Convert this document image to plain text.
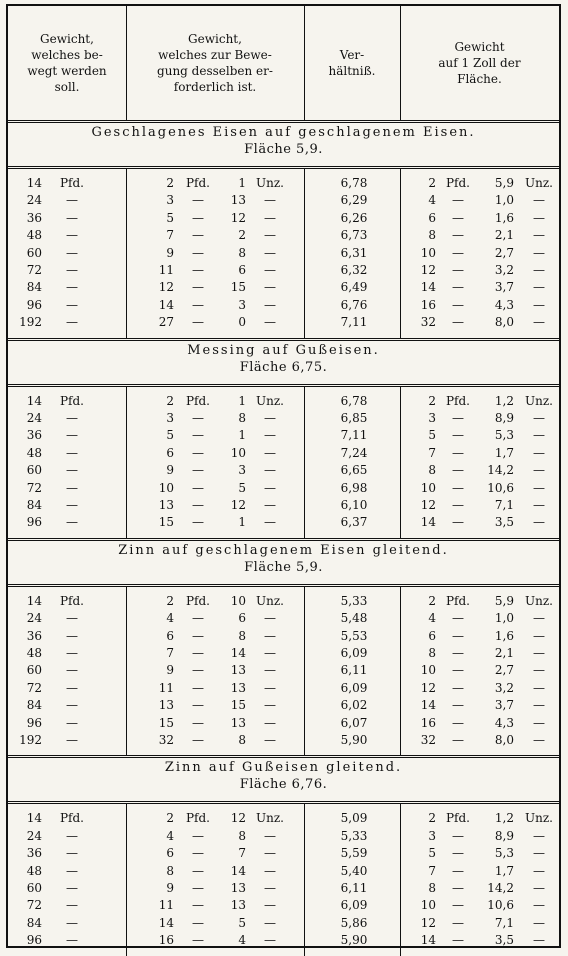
Gewicht,
welches be-
wegt werden
soll.
Gewicht,
welches zur Bewe-
gung desselben er-
forderlich ist.
Ver-
hältniß.
Gewicht
auf 1 Zoll der
Fläche.
Geschlagenes Eisen auf geschlagenem Eisen.
Fläche 5,9.
14	Pfd.	2 Pfd.	1 Unz.	6,78	2 Pfd.	5,9 Unz.
24	—	3	—	13	—	6,29	4	—	1,0	—
36	—	5	—	12	—	6,26	6	—	1,6	—
48	—	7	—	2	—	6,73	8	—	2,1	—
60	—	9	—	8	—	6,31	10	—	2,7	—
72	—	11	—	6	—	6,32	12	—	3,2	—
84	—	12	—	15	—	6,49	14	—	3,7	—
96	—	14	—	3	—	6,76	16	—	4,3	—
192	—	27	—	0	—	7,11	32	—	8,0	—
Messing auf Gußeisen.
Fläche 6,75.
14	Pfd.	2 Pfd.	1 Unz.	6,78	2 Pfd.	1,2 Unz.
24	—	3	—	8	—	6,85	3	—	8,9	—
36	—	5	—	1	—	7,11	5	—	5,3	—
48	—	6	—	10	—	7,24	7	—	1,7	—
60	—	9	—	3	—	6,65	8	—	14,2	—
72	—	10	—	5	—	6,98	10	—	10,6	—
84	—	13	—	12	—	6,10	12	—	7,1	—
96	—	15	—	1	—	6,37	14	—	3,5	—
Zinn auf geschlagenem Eisen gleitend.
Fläche 5,9.
14	Pfd.	2 Pfd.	10 Unz.	5,33	2 Pfd.	5,9 Unz.
24	—	4	—	6	—	5,48	4	—	1,0	—
36	—	6	—	8	—	5,53	6	—	1,6	—
48	—	7	—	14	—	6,09	8	—	2,1	—
60	—	9	—	13	—	6,11	10	—	2,7	—
72	—	11	—	13	—	6,09	12	—	3,2	—
84	—	13	—	15	—	6,02	14	—	3,7	—
96	—	15	—	13	—	6,07	16	—	4,3	—
192	—	32	—	8	—	5,90	32	—	8,0	—
Zinn auf Gußeisen gleitend.
Fläche 6,76.
14	Pfd.	2 Pfd.	12 Unz.	5,09	2 Pfd.	1,2 Unz.
24	—	4	—	8	—	5,33	3	—	8,9	—
36	—	6	—	7	—	5,59	5	—	5,3	—
48	—	8	—	14	—	5,40	7	—	1,7	—
60	—	9	—	13	—	6,11	8	—	14,2	—
72	—	11	—	13	—	6,09	10	—	10,6	—
84	—	14	—	5	—	5,86	12	—	7,1	—
96	—	16	—	4	—	5,90	14	—	3,5	—
